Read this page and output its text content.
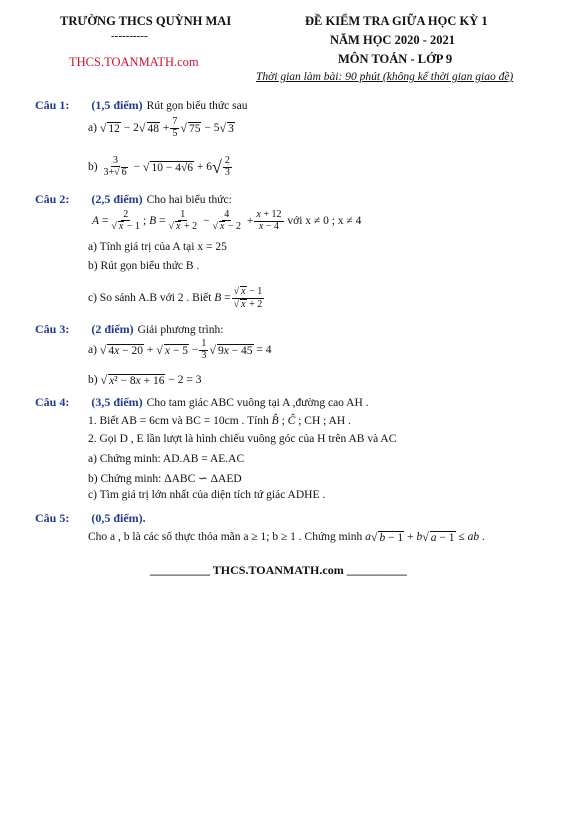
TRƯỜNG THCS QUỲNH MAI
----------
THCS.TOANMATH.com
ĐỀ KIỂM TRA GIỮA HỌC KỲ 1
NĂM HỌC 2020 - 2021
MÔN TOÁN - LỚP 9
Thời gian làm bài: 90 phút (không kể thời gian giao đề)
Câu 1: (1,5 điểm) Rút gọn biểu thức sau
a)
√ 12 − 2 √ $48 + \frac{7}{5}$ √ 75 − 5 √ 3
b)
$\frac{3}{3+√ 6}$ − √ 10 − 4√6 + 6 √ $\frac{2}{3}$
Câu 2: (2,5 điểm) Cho hai biểu thức:
$A = \frac{2}{√ x - 1}$ ; $B = \frac{1}{√ x + 2} - \frac{4}{√ x - 2} + \frac{x + 12}{x - 4}$
với x ≠ 0 ; x ≠ 4
a) Tính giá trị của A tại x = 25
b) Rút gọn biểu thức B .
c) So sánh A.B với 2 . Biết
$B = \frac{√ x - 1}{√ x + 2}$
Câu 3: (2 điểm) Giải phương trình:
a)
√ 4x − 20 + √ $x - 5 - \frac{1}{3}$ √ 9x − 45 = 4
b)
√ x² − 8x + 16 − 2 = 3
Câu 4: (3,5 điểm) Cho tam giác ABC vuông tại A ,đường cao AH .
1. Biết AB = 6cm và BC = 10cm . Tính
B̂ ; Ĉ
; CH ; AH .
2. Gọi D , E lần lượt là hình chiếu vuông góc của H trên AB và AC
a) Chứng minh: AD.AB = AE.AC
b) Chứng minh: ΔABC ∽ ΔAED
c) Tìm giá trị lớn nhất của diện tích tứ giác ADHE .
Câu 5: (0,5 điểm).
Cho a , b là các số thực thỏa mãn a ≥ 1; b ≥ 1 . Chứng minh
a √ b − 1 + b √ a − 1 ≤ ab .
__________ THCS.TOANMATH.com __________
